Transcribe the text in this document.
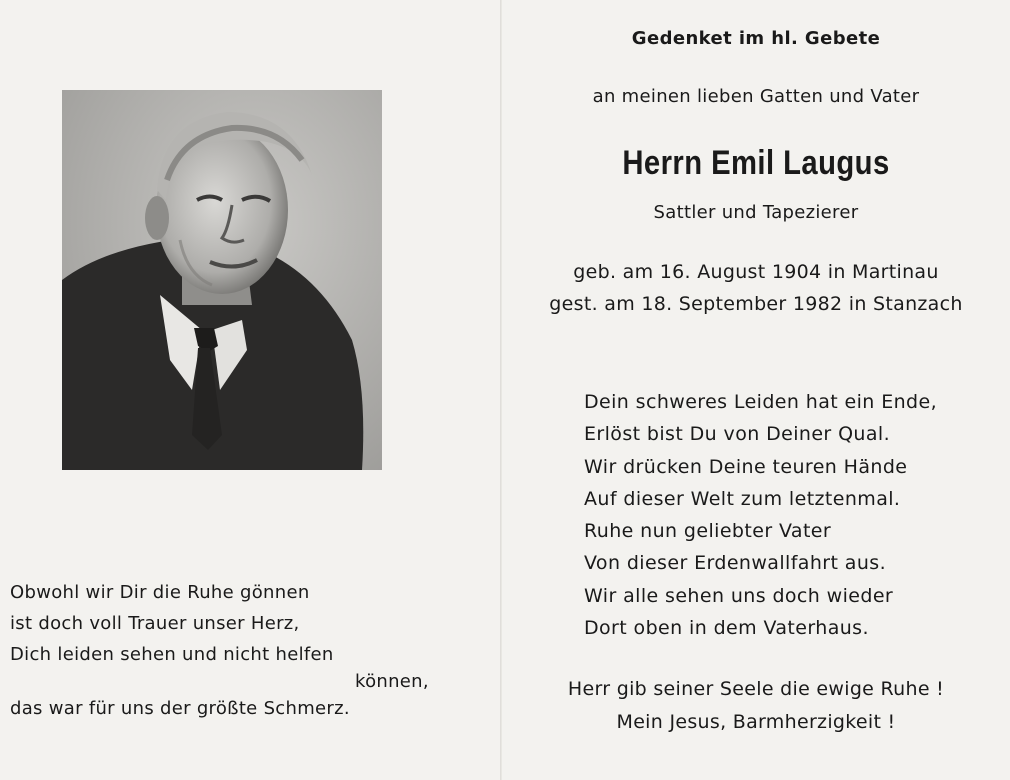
Obwohl wir Dir die Ruhe gönnen
ist doch voll Trauer unser Herz,
Dich leiden sehen und nicht helfen
können,
das war für uns der größte Schmerz.
Gedenket im hl. Gebete
an meinen lieben Gatten und Vater
Herrn Emil Laugus
Sattler und Tapezierer
geb. am 16. August 1904 in Martinau
gest. am 18. September 1982 in Stanzach
Dein schweres Leiden hat ein Ende,
Erlöst bist Du von Deiner Qual.
Wir drücken Deine teuren Hände
Auf dieser Welt zum letztenmal.
Ruhe nun geliebter Vater
Von dieser Erdenwallfahrt aus.
Wir alle sehen uns doch wieder
Dort oben in dem Vaterhaus.
Herr gib seiner Seele die ewige Ruhe !
Mein Jesus, Barmherzigkeit !
